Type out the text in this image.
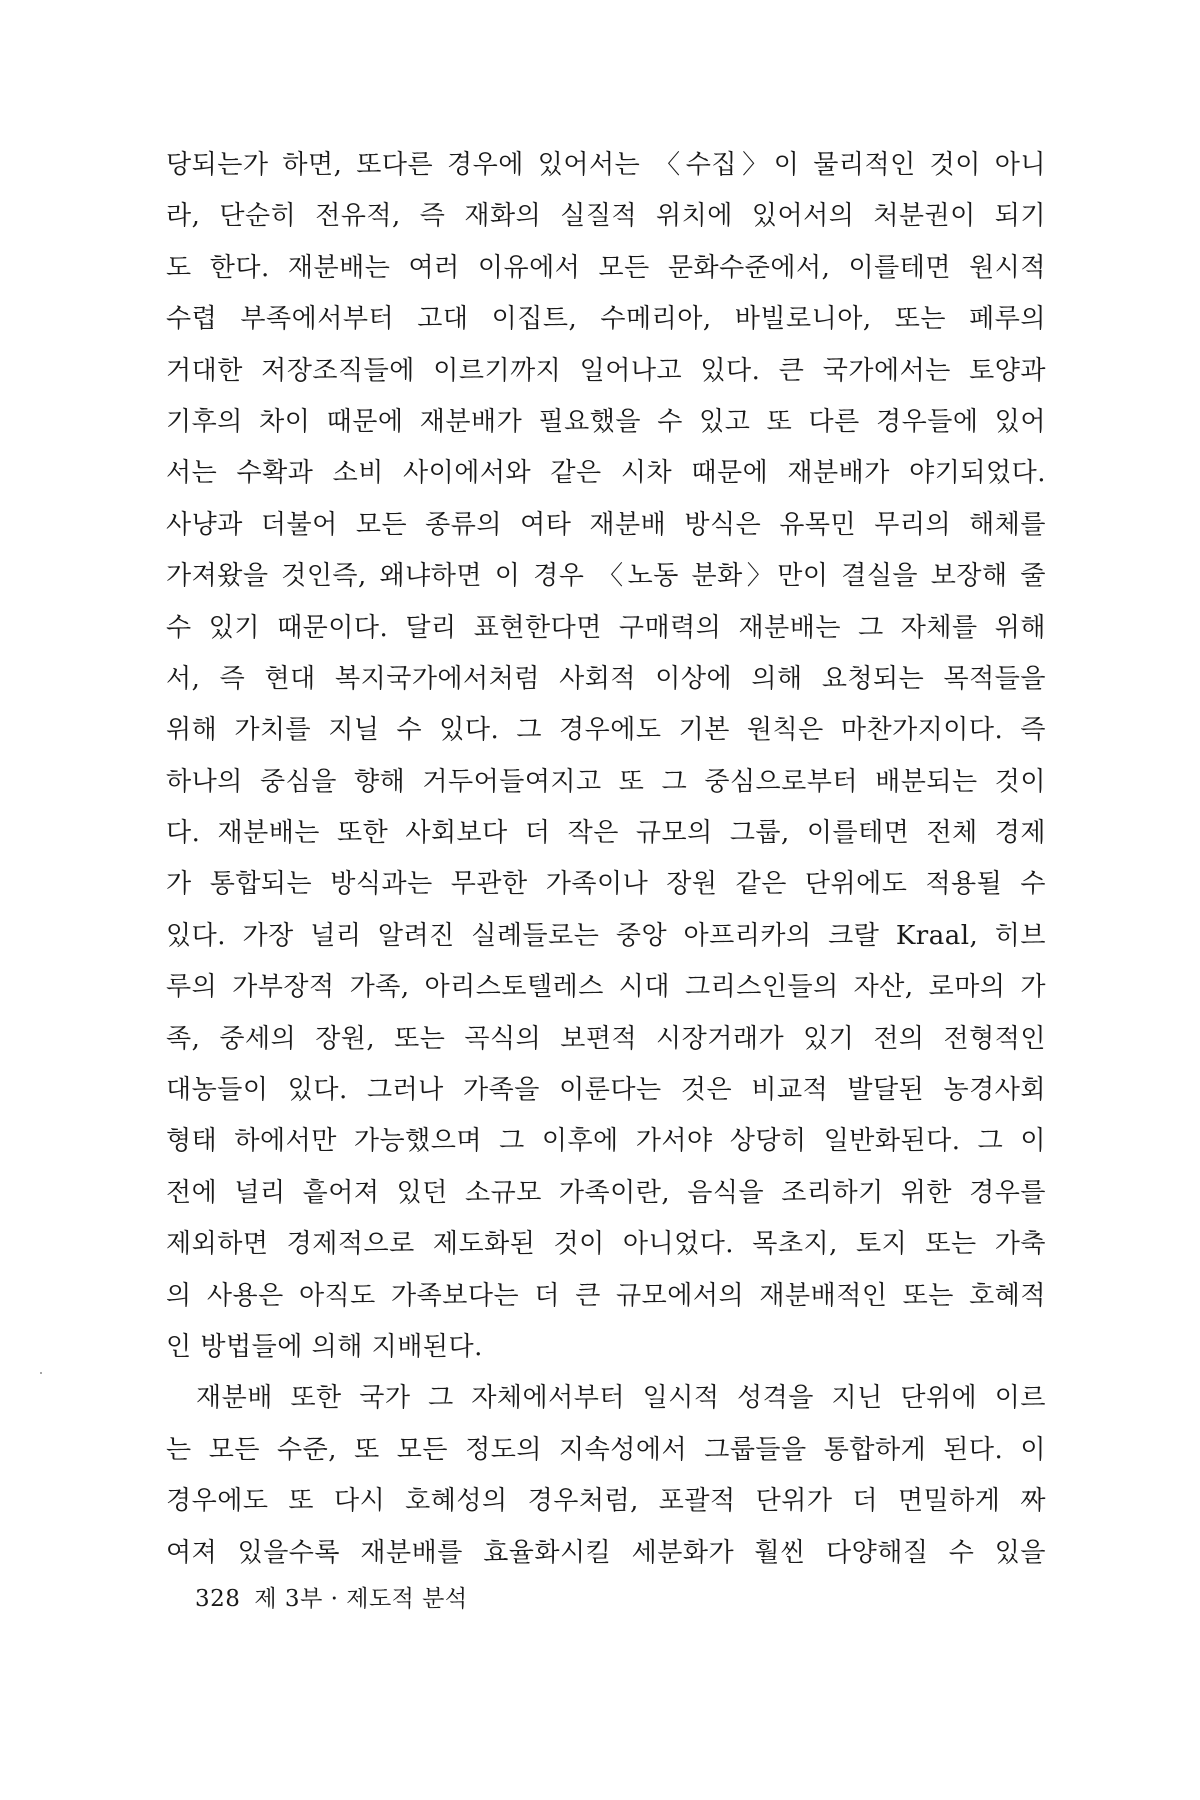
당되는가 하면, 또다른 경우에 있어서는 〈수집〉이 물리적인 것이 아니
라, 단순히 전유적, 즉 재화의 실질적 위치에 있어서의 처분권이 되기
도 한다. 재분배는 여러 이유에서 모든 문화수준에서, 이를테면 원시적
수렵 부족에서부터 고대 이집트, 수메리아, 바빌로니아, 또는 페루의
거대한 저장조직들에 이르기까지 일어나고 있다. 큰 국가에서는 토양과
기후의 차이 때문에 재분배가 필요했을 수 있고 또 다른 경우들에 있어
서는 수확과 소비 사이에서와 같은 시차 때문에 재분배가 야기되었다.
사냥과 더불어 모든 종류의 여타 재분배 방식은 유목민 무리의 해체를
가져왔을 것인즉, 왜냐하면 이 경우 〈노동 분화〉만이 결실을 보장해 줄
수 있기 때문이다. 달리 표현한다면 구매력의 재분배는 그 자체를 위해
서, 즉 현대 복지국가에서처럼 사회적 이상에 의해 요청되는 목적들을
위해 가치를 지닐 수 있다. 그 경우에도 기본 원칙은 마찬가지이다. 즉
하나의 중심을 향해 거두어들여지고 또 그 중심으로부터 배분되는 것이
다. 재분배는 또한 사회보다 더 작은 규모의 그룹, 이를테면 전체 경제
가 통합되는 방식과는 무관한 가족이나 장원 같은 단위에도 적용될 수
있다. 가장 널리 알려진 실례들로는 중앙 아프리카의 크랄 Kraal, 히브
루의 가부장적 가족, 아리스토텔레스 시대 그리스인들의 자산, 로마의 가
족, 중세의 장원, 또는 곡식의 보편적 시장거래가 있기 전의 전형적인
대농들이 있다. 그러나 가족을 이룬다는 것은 비교적 발달된 농경사회
형태 하에서만 가능했으며 그 이후에 가서야 상당히 일반화된다. 그 이
전에 널리 흩어져 있던 소규모 가족이란, 음식을 조리하기 위한 경우를
제외하면 경제적으로 제도화된 것이 아니었다. 목초지, 토지 또는 가축
의 사용은 아직도 가족보다는 더 큰 규모에서의 재분배적인 또는 호혜적
인 방법들에 의해 지배된다.
재분배 또한 국가 그 자체에서부터 일시적 성격을 지닌 단위에 이르
는 모든 수준, 또 모든 정도의 지속성에서 그룹들을 통합하게 된다. 이
경우에도 또 다시 호혜성의 경우처럼, 포괄적 단위가 더 면밀하게 짜
여져 있을수록 재분배를 효율화시킬 세분화가 훨씬 다양해질 수 있을
328 제 3부 · 제도적 분석
